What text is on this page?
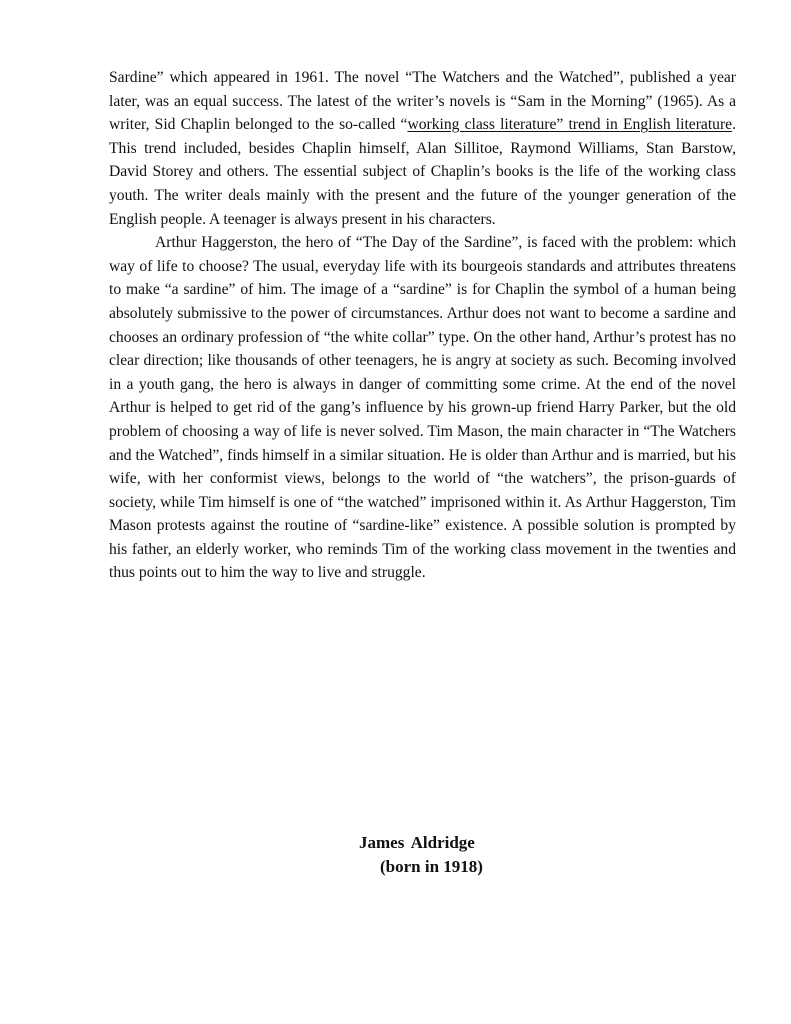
Sardine” which appeared in 1961. The novel “The Watchers and the Watched”, published a year later, was an equal success. The latest of the writer’s novels is “Sam in the Morning” (1965). As a writer, Sid Chaplin belonged to the so-called “working class literature” trend in English literature. This trend included, besides Chaplin himself, Alan Sillitoe, Raymond Williams, Stan Barstow, David Storey and others. The essential subject of Chaplin’s books is the life of the working class youth. The writer deals mainly with the present and the future of the younger generation of the English people. A teenager is always present in his characters.

Arthur Haggerston, the hero of “The Day of the Sardine”, is faced with the problem: which way of life to choose? The usual, everyday life with its bourgeois standards and attributes threatens to make “a sardine” of him. The image of a “sardine” is for Chaplin the symbol of a human being absolutely submissive to the power of circumstances. Arthur does not want to become a sardine and chooses an ordinary profession of “the white collar” type. On the other hand, Arthur’s protest has no clear direction; like thousands of other teenagers, he is angry at society as such. Becoming involved in a youth gang, the hero is always in danger of committing some crime. At the end of the novel Arthur is helped to get rid of the gang’s influence by his grown-up friend Harry Parker, but the old problem of choosing a way of life is never solved. Tim Mason, the main character in “The Watchers and the Watched”, finds himself in a similar situation. He is older than Arthur and is married, but his wife, with her conformist views, belongs to the world of “the watchers”, the prison-guards of society, while Tim himself is one of “the watched” imprisoned within it. As Arthur Haggerston, Tim Mason protests against the routine of “sardine-like” existence. A possible solution is prompted by his father, an elderly worker, who reminds Tim of the working class movement in the twenties and thus points out to him the way to live and struggle.

James Aldridge
(born in 1918)
